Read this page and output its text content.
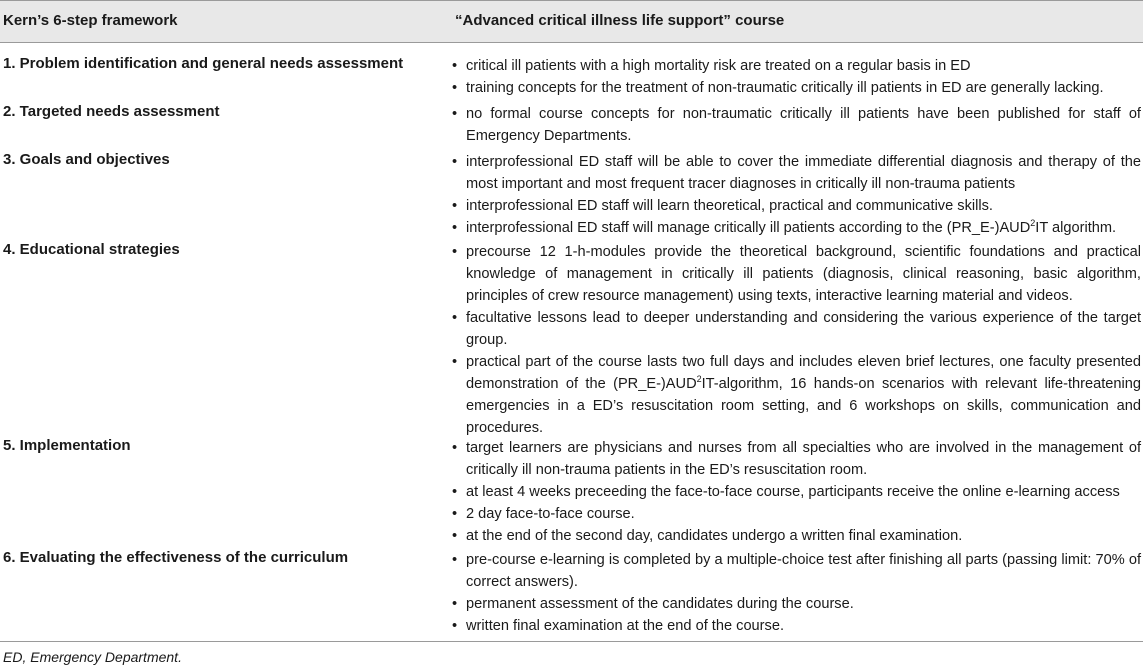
Kern’s 6-step framework	“Advanced critical illness life support” course
1. Problem identification and general needs assessment	• critical ill patients with a high mortality risk are treated on a regular basis in ED
• training concepts for the treatment of non-traumatic critically ill patients in ED are generally lacking.
2. Targeted needs assessment	• no formal course concepts for non-traumatic critically ill patients have been published for staff of Emergency Departments.
3. Goals and objectives	• interprofessional ED staff will be able to cover the immediate differential diagnosis and therapy of the most important and most frequent tracer diagnoses in critically ill non-trauma patients
• interprofessional ED staff will learn theoretical, practical and communicative skills.
• interprofessional ED staff will manage critically ill patients according to the (PR_E-)AUD$^2$IT algorithm.
4. Educational strategies	• precourse 12 1-h-modules provide the theoretical background, scientific foundations and practical knowledge of management in critically ill patients (diagnosis, clinical reasoning, basic algorithm, principles of crew resource management) using texts, interactive learning material and videos.
• facultative lessons lead to deeper understanding and considering the various experience of the target group.
• practical part of the course lasts two full days and includes eleven brief lectures, one faculty presented demonstration of the (PR_E-)AUD$^2$IT-algorithm, 16 hands-on scenarios with relevant life-threatening emergencies in a ED’s resuscitation room setting, and 6 workshops on skills, communication and procedures.
5. Implementation	• target learners are physicians and nurses from all specialties who are involved in the management of critically ill non-trauma patients in the ED’s resuscitation room.
• at least 4 weeks preceeding the face-to-face course, participants receive the online e-learning access
• 2 day face-to-face course.
• at the end of the second day, candidates undergo a written final examination.
6. Evaluating the effectiveness of the curriculum	• pre-course e-learning is completed by a multiple-choice test after finishing all parts (passing limit: 70% of correct answers).
• permanent assessment of the candidates during the course.
• written final examination at the end of the course.
ED, Emergency Department.
